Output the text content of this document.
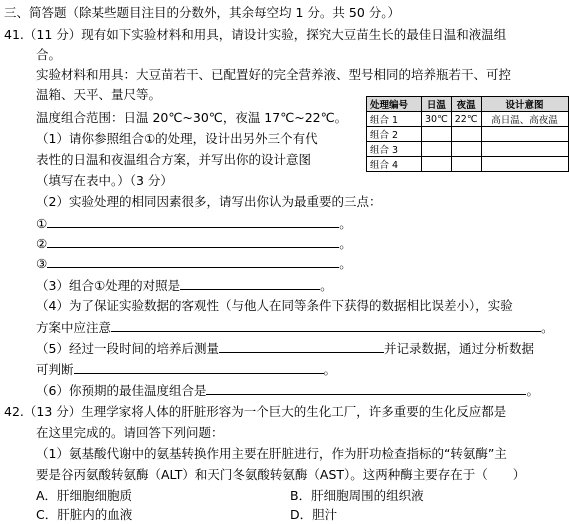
三、简答题（除某些题目注目的分数外，其余每空均 1 分。共 50 分。）
41.（11 分）现有如下实验材料和用具，请设计实验，探究大豆苗生长的最佳日温和液温组
合。
实验材料和用具：大豆苗若干、已配置好的完全营养液、型号相同的培养瓶若干、可控
温箱、天平、量尺等。
温度组合范围：日温 20℃~30℃，夜温 17℃~22℃。
（1）请你参照组合①的处理，设计出另外三个有代
表性的日温和夜温组合方案，并写出你的设计意图
（填写在表中。）（3 分）
处理编号	日温	夜温	设计意图
组合 1	30℃	22℃	高日温、高夜温
组合 2			
组合 3			
组合 4			
（2）实验处理的相同因素很多，请写出你认为最重要的三点：
①	。
②	。
③	。
（3）组合①处理的对照是	。
（4）为了保证实验数据的客观性（与他人在同等条件下获得的数据相比误差小），实验
方案中应注意	。
（5）经过一段时间的培养后测量	并记录数据，通过分析数据
可判断	。
（6）你预期的最佳温度组合是	。
42.（13 分）生理学家将人体的肝脏形容为一个巨大的生化工厂，许多重要的生化反应都是
在这里完成的。请回答下列问题：
（1）氨基酸代谢中的氨基转换作用主要在肝脏进行，作为肝功检查指标的“转氨酶”主
要是谷丙氨酸转氨酶（ALT）和天门冬氨酸转氨酶（AST）。这两种酶主要存在于（　　）
A．肝细胞细胞质	B．肝细胞周围的组织液
C．肝脏内的血液	D．胆汁
